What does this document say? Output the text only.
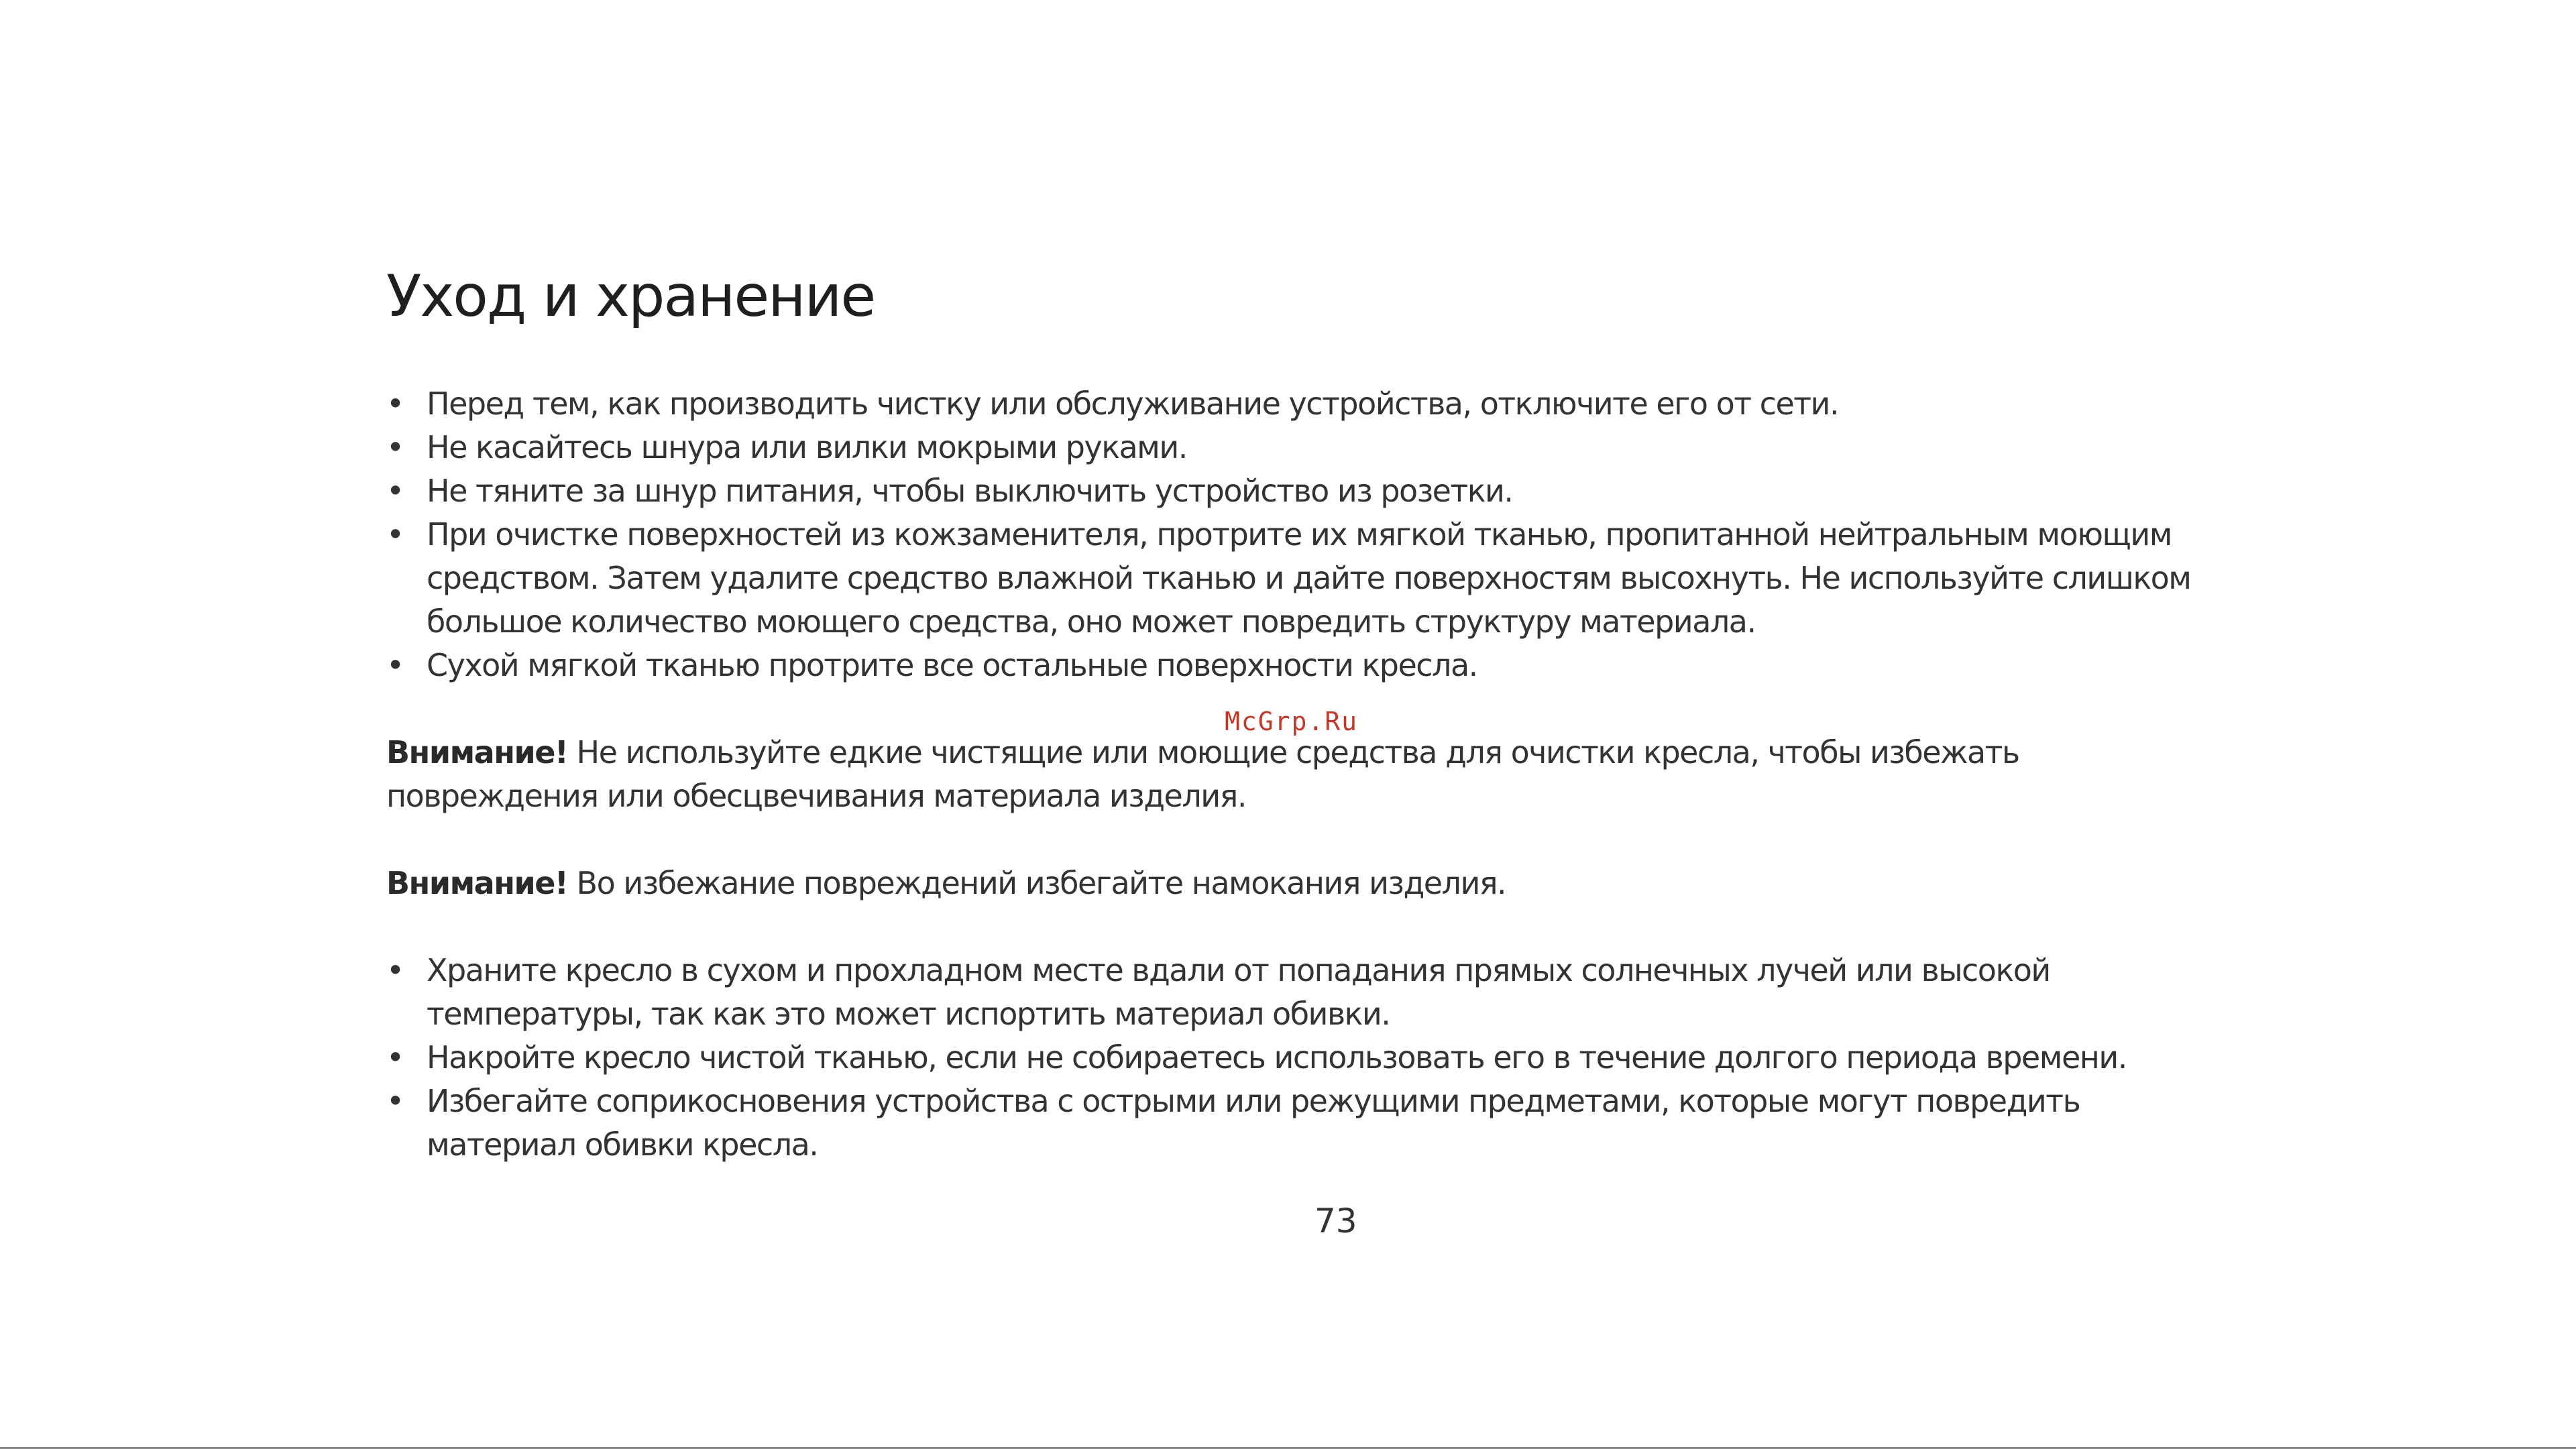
Уход и хранение
• Перед тем, как производить чистку или обслуживание устройства, отключите его от сети.
• Не касайтесь шнура или вилки мокрыми руками.
• Не тяните за шнур питания, чтобы выключить устройство из розетки.
• При очистке поверхностей из кожзаменителя, протрите их мягкой тканью, пропитанной нейтральным моющим средством. Затем удалите средство влажной тканью и дайте поверхностям высохнуть. Не используйте слишком большое количество моющего средства, оно может повредить структуру материала.
• Сухой мягкой тканью протрите все остальные поверхности кресла.

Внимание! Не используйте едкие чистящие или моющие средства для очистки кресла, чтобы избежать повреждения или обесцвечивания материала изделия.

Внимание! Во избежание повреждений избегайте намокания изделия.

• Храните кресло в сухом и прохладном месте вдали от попадания прямых солнечных лучей или высокой температуры, так как это может испортить материал обивки.
• Накройте кресло чистой тканью, если не собираетесь использовать его в течение долгого периода времени.
• Избегайте соприкосновения устройства с острыми или режущими предметами, которые могут повредить материал обивки кресла.
McGrp.Ru
73
